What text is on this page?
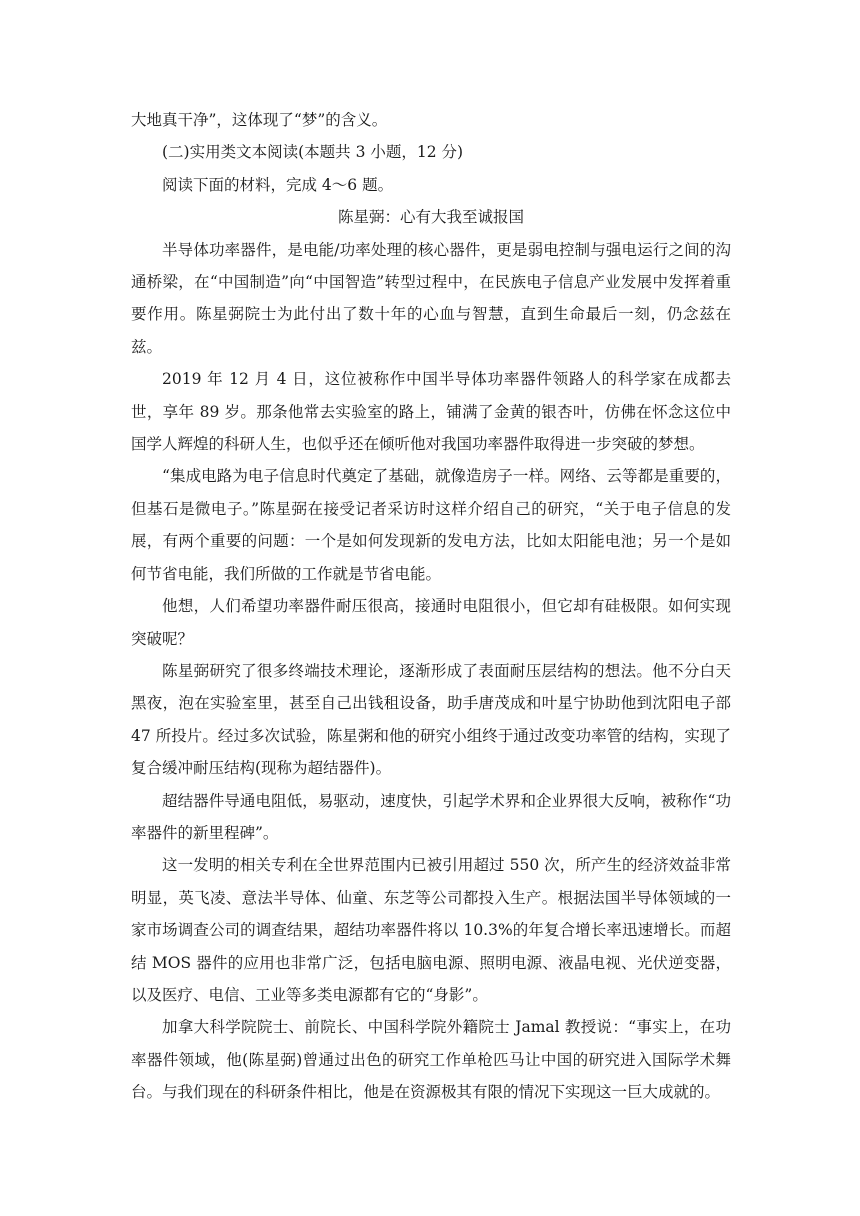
大地真干净”，这体现了“梦”的含义。

(二)实用类文本阅读(本题共 3 小题，12 分)

阅读下面的材料，完成 4～6 题。

陈星弼：心有大我至诚报国

半导体功率器件，是电能/功率处理的核心器件，更是弱电控制与强电运行之间的沟通桥梁，在“中国制造”向“中国智造”转型过程中，在民族电子信息产业发展中发挥着重要作用。陈星弼院士为此付出了数十年的心血与智慧，直到生命最后一刻，仍念兹在兹。

2019 年 12 月 4 日，这位被称作中国半导体功率器件领路人的科学家在成都去世，享年 89 岁。那条他常去实验室的路上，铺满了金黄的银杏叶，仿佛在怀念这位中国学人辉煌的科研人生，也似乎还在倾听他对我国功率器件取得进一步突破的梦想。

“集成电路为电子信息时代奠定了基础，就像造房子一样。网络、云等都是重要的，但基石是微电子。”陈星弼在接受记者采访时这样介绍自己的研究，“关于电子信息的发展，有两个重要的问题：一个是如何发现新的发电方法，比如太阳能电池；另一个是如何节省电能，我们所做的工作就是节省电能。

他想，人们希望功率器件耐压很高，接通时电阻很小，但它却有硅极限。如何实现突破呢？

陈星弼研究了很多终端技术理论，逐渐形成了表面耐压层结构的想法。他不分白天黑夜，泡在实验室里，甚至自己出钱租设备，助手唐茂成和叶星宁协助他到沈阳电子部 47 所投片。经过多次试验，陈星粥和他的研究小组终于通过改变功率管的结构，实现了复合缓冲耐压结构(现称为超结器件)。

超结器件导通电阻低，易驱动，速度快，引起学术界和企业界很大反响，被称作“功率器件的新里程碑”。

这一发明的相关专利在全世界范围内已被引用超过 550 次，所产生的经济效益非常明显，英飞凌、意法半导体、仙童、东芝等公司都投入生产。根据法国半导体领域的一家市场调查公司的调查结果，超结功率器件将以 10.3%的年复合增长率迅速增长。而超结 MOS 器件的应用也非常广泛，包括电脑电源、照明电源、液晶电视、光伏逆变器，以及医疗、电信、工业等多类电源都有它的“身影”。

加拿大科学院院士、前院长、中国科学院外籍院士 Jamal 教授说：“事实上，在功率器件领域，他(陈星弼)曾通过出色的研究工作单枪匹马让中国的研究进入国际学术舞台。与我们现在的科研条件相比，他是在资源极其有限的情况下实现这一巨大成就的。
